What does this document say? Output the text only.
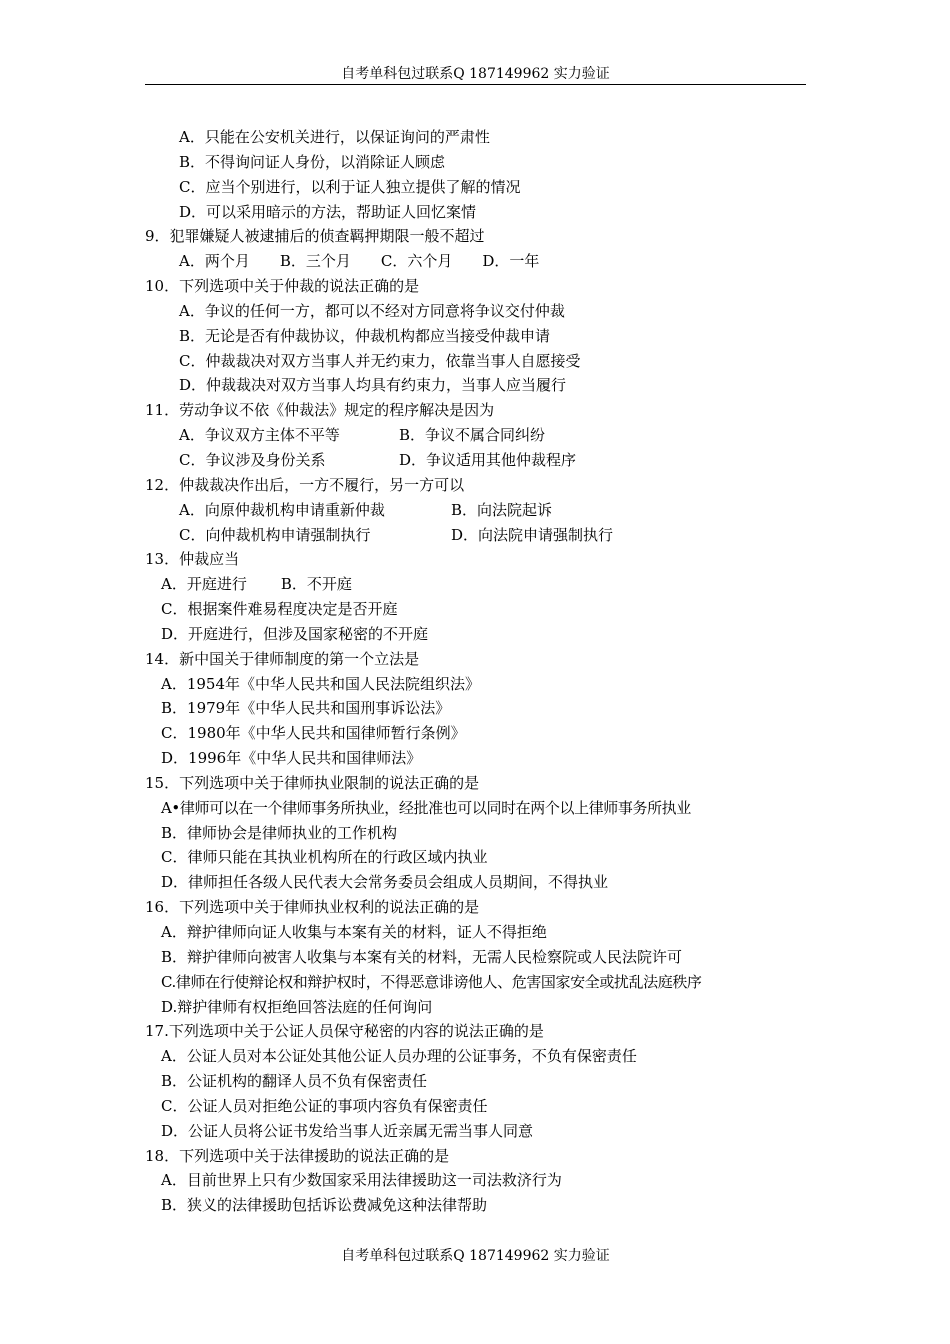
自考单科包过联系Q 187149962 实力验证
A．只能在公安机关进行，以保证询问的严肃性
B．不得询问证人身份，以消除证人顾虑
C．应当个别进行，以利于证人独立提供了解的情况
D．可以采用暗示的方法，帮助证人回忆案情
9．犯罪嫌疑人被逮捕后的侦查羁押期限一般不超过
A．两个月 B．三个月 C．六个月 D．一年
10．下列选项中关于仲裁的说法正确的是
A．争议的任何一方，都可以不经对方同意将争议交付仲裁
B．无论是否有仲裁协议，仲裁机构都应当接受仲裁申请
C．仲裁裁决对双方当事人并无约束力，依靠当事人自愿接受
D．仲裁裁决对双方当事人均具有约束力，当事人应当履行
11．劳动争议不依《仲裁法》规定的程序解决是因为
A．争议双方主体不平等	B．争议不属合同纠纷
C．争议涉及身份关系	D．争议适用其他仲裁程序
12．仲裁裁决作出后，一方不履行，另一方可以
A．向原仲裁机构申请重新仲裁	B．向法院起诉
C．向仲裁机构申请强制执行	D．向法院申请强制执行
13．仲裁应当
A．开庭进行 B．不开庭
C．根据案件难易程度决定是否开庭
D．开庭进行，但涉及国家秘密的不开庭
14．新中国关于律师制度的第一个立法是
A．1954年《中华人民共和国人民法院组织法》
B．1979年《中华人民共和国刑事诉讼法》
C．1980年《中华人民共和国律师暂行条例》
D．1996年《中华人民共和国律师法》
15．下列选项中关于律师执业限制的说法正确的是
A•律师可以在一个律师事务所执业，经批准也可以同时在两个以上律师事务所执业
B．律师协会是律师执业的工作机构
C．律师只能在其执业机构所在的行政区域内执业
D．律师担任各级人民代表大会常务委员会组成人员期间，不得执业
16．下列选项中关于律师执业权利的说法正确的是
A．辩护律师向证人收集与本案有关的材料，证人不得拒绝
B．辩护律师向被害人收集与本案有关的材料，无需人民检察院或人民法院许可
C.律师在行使辩论权和辩护权时，不得恶意诽谤他人、危害国家安全或扰乱法庭秩序
D.辩护律师有权拒绝回答法庭的任何询问
17.下列选项中关于公证人员保守秘密的内容的说法正确的是
A．公证人员对本公证处其他公证人员办理的公证事务，不负有保密责任
B．公证机构的翻译人员不负有保密责任
C．公证人员对拒绝公证的事项内容负有保密责任
D．公证人员将公证书发给当事人近亲属无需当事人同意
18．下列选项中关于法律援助的说法正确的是
A．目前世界上只有少数国家采用法律援助这一司法救济行为
B．狭义的法律援助包括诉讼费减免这种法律帮助
自考单科包过联系Q 187149962 实力验证
